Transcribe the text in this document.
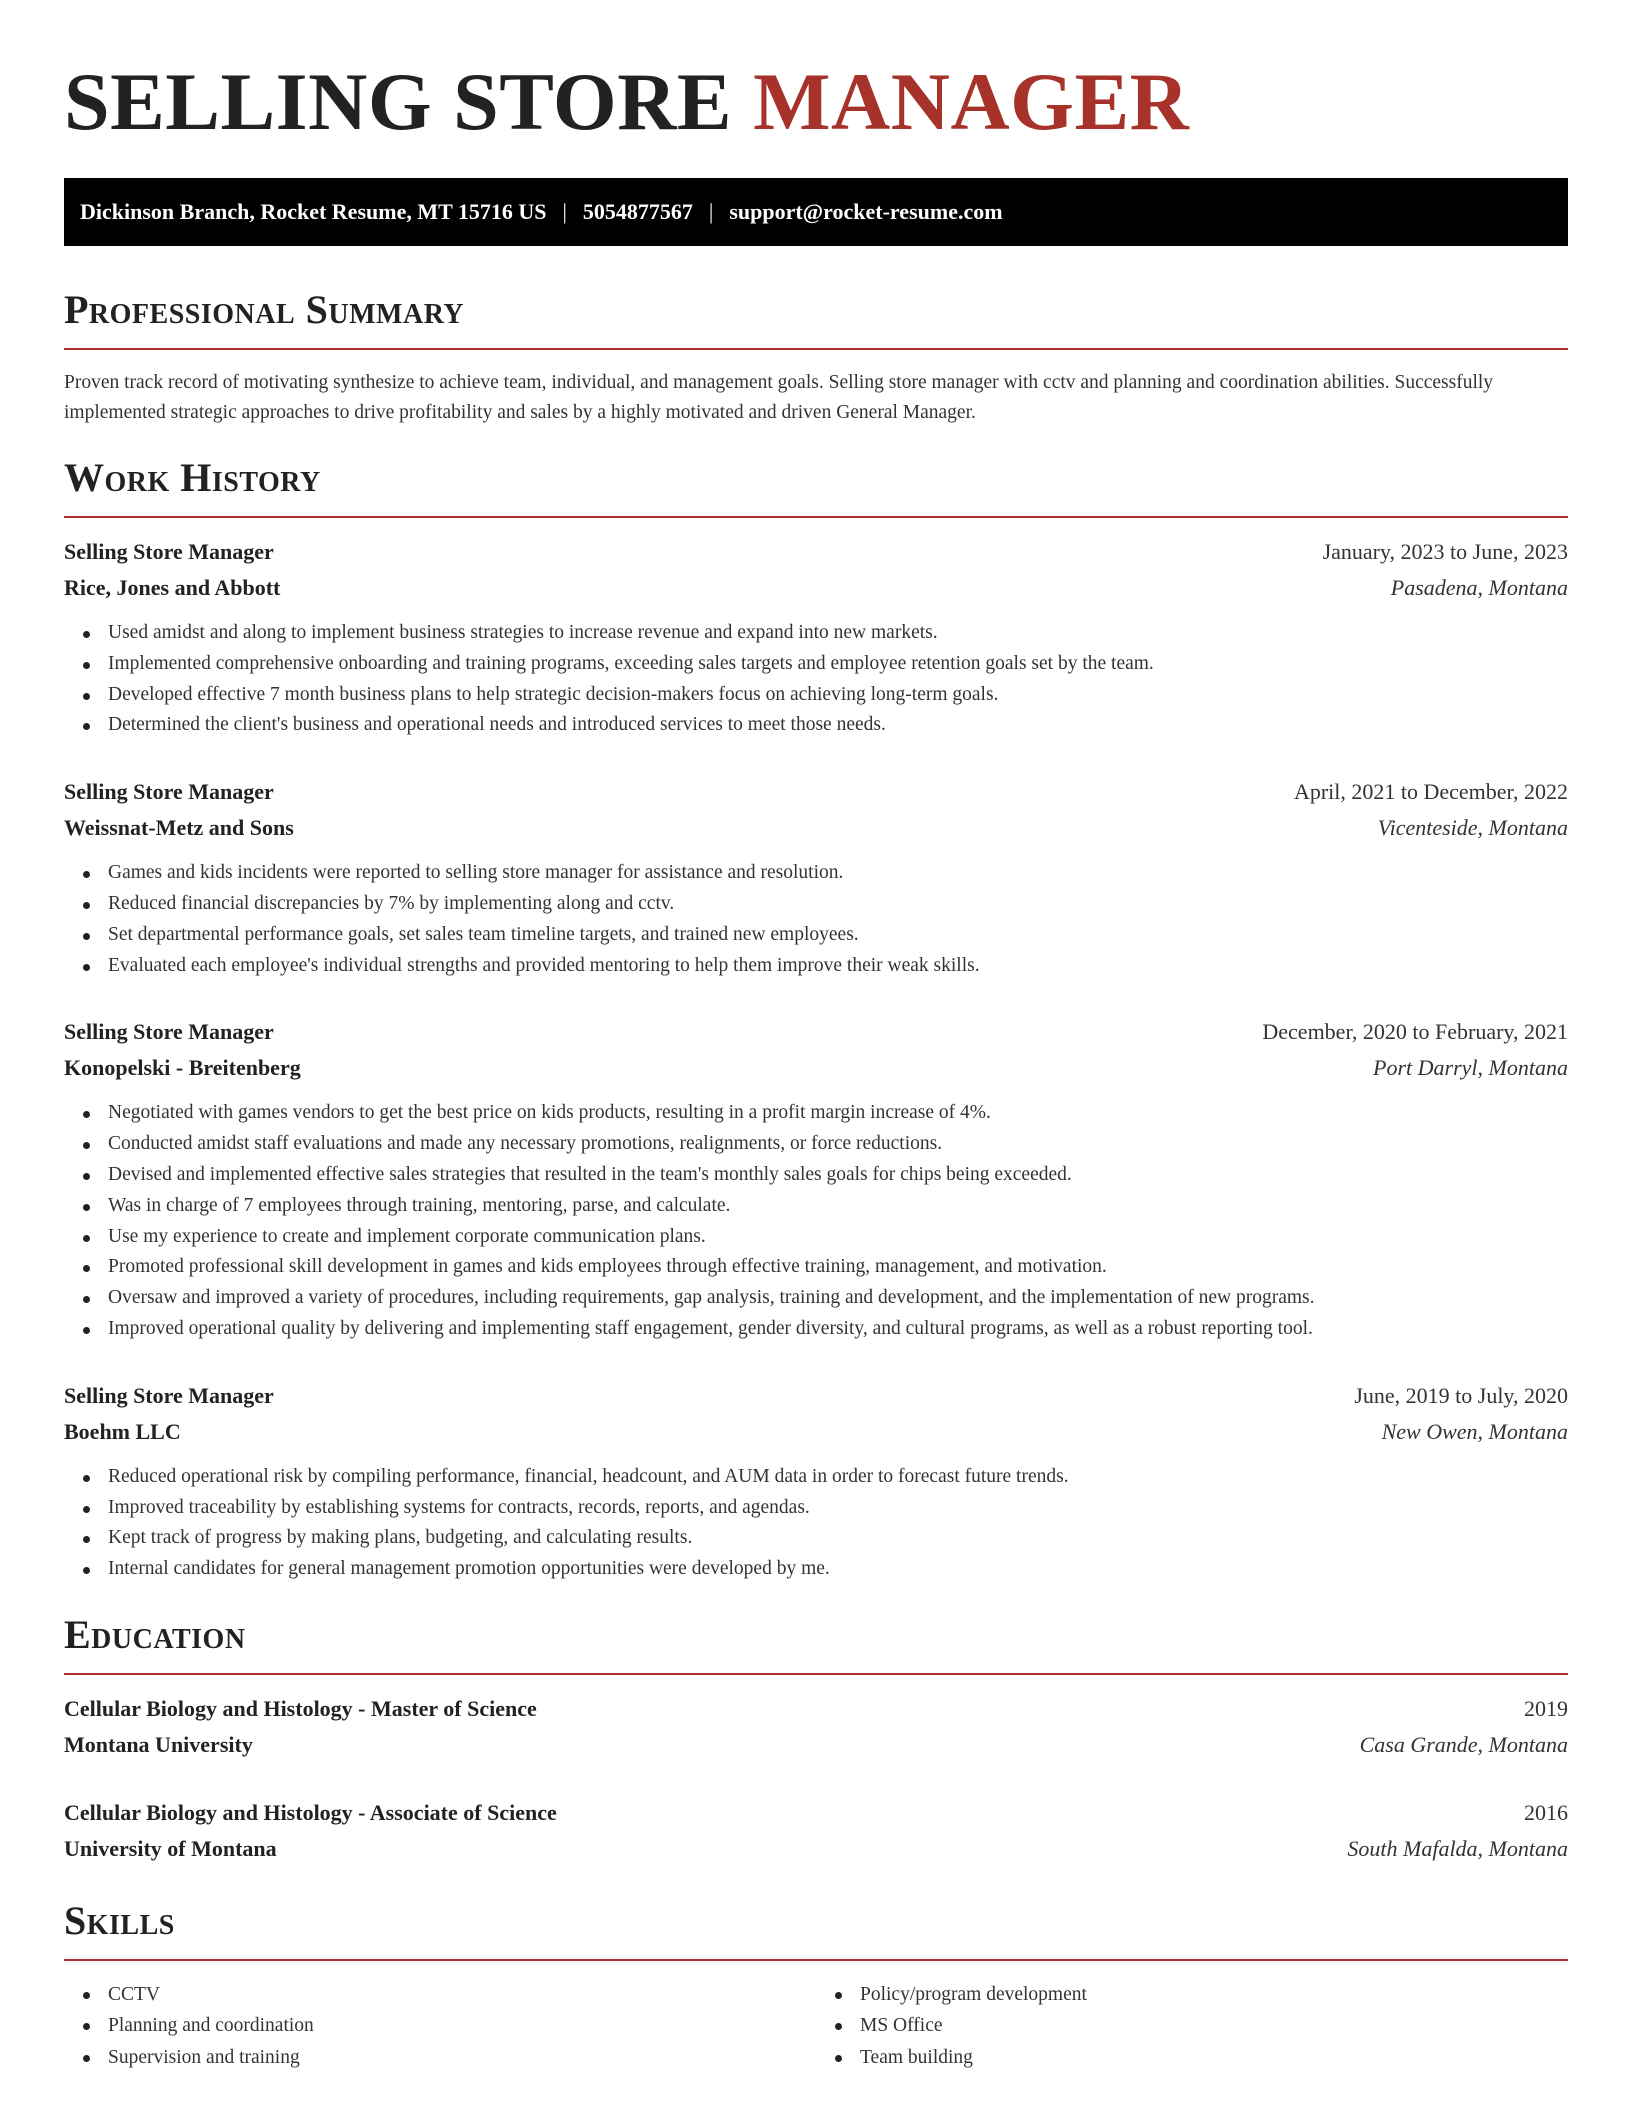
SELLING STORE MANAGER
Dickinson Branch, Rocket Resume, MT 15716 US | 5054877567 | support@rocket-resume.com
Professional Summary

Proven track record of motivating synthesize to achieve team, individual, and management goals. Selling store manager with cctv and planning and coordination abilities. Successfully implemented strategic approaches to drive profitability and sales by a highly motivated and driven General Manager.

Work History
Selling Store Manager	January, 2023 to June, 2023
Rice, Jones and Abbott	Pasadena, Montana
Used amidst and along to implement business strategies to increase revenue and expand into new markets.
Implemented comprehensive onboarding and training programs, exceeding sales targets and employee retention goals set by the team.
Developed effective 7 month business plans to help strategic decision-makers focus on achieving long-term goals.
Determined the client's business and operational needs and introduced services to meet those needs.
Selling Store Manager	April, 2021 to December, 2022
Weissnat-Metz and Sons	Vicenteside, Montana
Games and kids incidents were reported to selling store manager for assistance and resolution.
Reduced financial discrepancies by 7% by implementing along and cctv.
Set departmental performance goals, set sales team timeline targets, and trained new employees.
Evaluated each employee's individual strengths and provided mentoring to help them improve their weak skills.
Selling Store Manager	December, 2020 to February, 2021
Konopelski - Breitenberg	Port Darryl, Montana
Negotiated with games vendors to get the best price on kids products, resulting in a profit margin increase of 4%.
Conducted amidst staff evaluations and made any necessary promotions, realignments, or force reductions.
Devised and implemented effective sales strategies that resulted in the team's monthly sales goals for chips being exceeded.
Was in charge of 7 employees through training, mentoring, parse, and calculate.
Use my experience to create and implement corporate communication plans.
Promoted professional skill development in games and kids employees through effective training, management, and motivation.
Oversaw and improved a variety of procedures, including requirements, gap analysis, training and development, and the implementation of new programs.
Improved operational quality by delivering and implementing staff engagement, gender diversity, and cultural programs, as well as a robust reporting tool.
Selling Store Manager	June, 2019 to July, 2020
Boehm LLC	New Owen, Montana
Reduced operational risk by compiling performance, financial, headcount, and AUM data in order to forecast future trends.
Improved traceability by establishing systems for contracts, records, reports, and agendas.
Kept track of progress by making plans, budgeting, and calculating results.
Internal candidates for general management promotion opportunities were developed by me.
Education
Cellular Biology and Histology - Master of Science	2019
Montana University	Casa Grande, Montana
Cellular Biology and Histology - Associate of Science	2016
University of Montana	South Mafalda, Montana
Skills
CCTV
Planning and coordination
Supervision and training
Policy/program development
MS Office
Team building
